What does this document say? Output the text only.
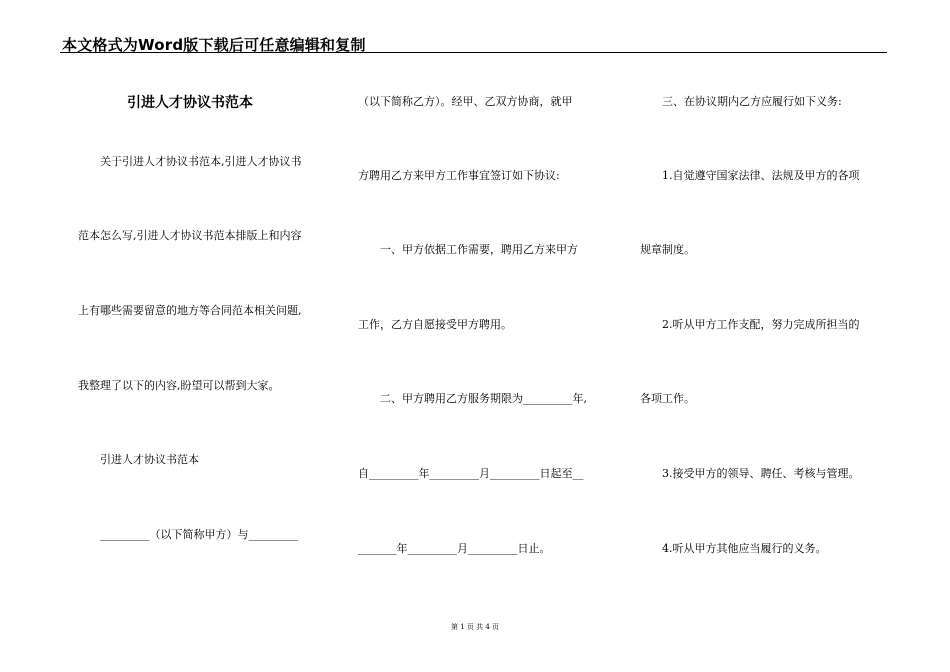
本文格式为Word版下载后可任意编辑和复制
引进人才协议书范本
关于引进人才协议书范本,引进人才协议书
范本怎么写,引进人才协议书范本排版上和内容
上有哪些需要留意的地方等合同范本相关问题,
我整理了以下的内容,盼望可以帮到大家。
引进人才协议书范本
_________（以下简称甲方）与_________
（以下简称乙方）。经甲、乙双方协商，就甲
方聘用乙方来甲方工作事宜签订如下协议:
一、甲方依据工作需要，聘用乙方来甲方
工作，乙方自愿接受甲方聘用。
二、甲方聘用乙方服务期限为_________年,
自_________年_________月_________日起至__
_______年_________月_________日止。
三、在协议期内乙方应履行如下义务:
1.自觉遵守国家法律、法规及甲方的各项
规章制度。
2.听从甲方工作支配，努力完成所担当的
各项工作。
3.接受甲方的领导、聘任、考核与管理。
4.听从甲方其他应当履行的义务。
第 1 页 共 4 页
